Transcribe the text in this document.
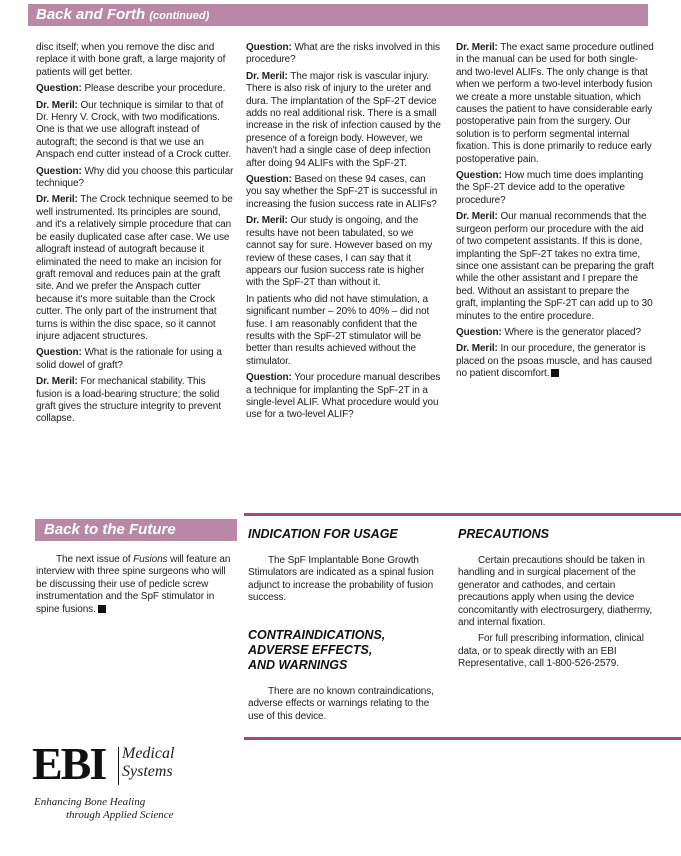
Back and Forth (continued)

disc itself; when you remove the disc and replace it with bone graft, a large majority of patients will get better.

Question: Please describe your procedure.

Dr. Meril: Our technique is similar to that of Dr. Henry V. Crock, with two modifications. One is that we use allograft instead of autograft; the second is that we use an Anspach end cutter instead of a Crock cutter.

Question: Why did you choose this particular technique?

Dr. Meril: The Crock technique seemed to be well instrumented. Its principles are sound, and it's a relatively simple procedure that can be easily duplicated case after case. We use allograft instead of autograft because it eliminated the need to make an incision for graft removal and reduces pain at the graft site. And we prefer the Anspach cutter because it's more suitable than the Crock cutter. The only part of the instrument that turns is within the disc space, so it cannot injure adjacent structures.

Question: What is the rationale for using a solid dowel of graft?

Dr. Meril: For mechanical stability. This fusion is a load-bearing structure; the solid graft gives the structure integrity to prevent collapse.

Question: What are the risks involved in this procedure?

Dr. Meril: The major risk is vascular injury. There is also risk of injury to the ureter and dura. The implantation of the SpF-2T device adds no real additional risk. There is a small increase in the risk of infection caused by the presence of a foreign body. However, we haven't had a single case of deep infection after doing 94 ALIFs with the SpF-2T.

Question: Based on these 94 cases, can you say whether the SpF-2T is successful in increasing the fusion success rate in ALIFs?

Dr. Meril: Our study is ongoing, and the results have not been tabulated, so we cannot say for sure. However based on my review of these cases, I can say that it appears our fusion success rate is higher with the SpF-2T than without it.

In patients who did not have stimulation, a significant number – 20% to 40% – did not fuse. I am reasonably confident that the results with the SpF-2T stimulator will be better than results achieved without the stimulator.

Question: Your procedure manual describes a technique for implanting the SpF-2T in a single-level ALIF. What procedure would you use for a two-level ALIF?

Dr. Meril: The exact same procedure outlined in the manual can be used for both single- and two-level ALIFs. The only change is that when we perform a two-level interbody fusion we create a more unstable situation, which causes the patient to have considerable early postoperative pain from the surgery. Our solution is to perform segmental internal fixation. This is done primarily to reduce early postoperative pain.

Question: How much time does implanting the SpF-2T device add to the operative procedure?

Dr. Meril: Our manual recommends that the surgeon perform our procedure with the aid of two competent assistants. If this is done, implanting the SpF-2T takes no extra time, since one assistant can be preparing the graft while the other assistant and I prepare the bed. Without an assistant to prepare the graft, implanting the SpF-2T can add up to 30 minutes to the entire procedure.

Question: Where is the generator placed?

Dr. Meril: In our procedure, the generator is placed on the psoas muscle, and has caused no patient discomfort.

Back to the Future

The next issue of Fusions will feature an interview with three spine surgeons who will be discussing their use of pedicle screw instrumentation and the SpF stimulator in spine fusions.

INDICATION FOR USAGE

The SpF Implantable Bone Growth Stimulators are indicated as a spinal fusion adjunct to increase the probability of fusion success.

CONTRAINDICATIONS,
ADVERSE EFFECTS,
AND WARNINGS

There are no known contraindications, adverse effects or warnings relating to the use of this device.

PRECAUTIONS

Certain precautions should be taken in handling and in surgical placement of the generator and cathodes, and certain precautions apply when using the device concomitantly with electrosurgery, diathermy, and internal fixation.

For full prescribing information, clinical data, or to speak directly with an EBI Representative, call 1-800-526-2579.

EBI Medical
Systems
Enhancing Bone Healing
through Applied Science
